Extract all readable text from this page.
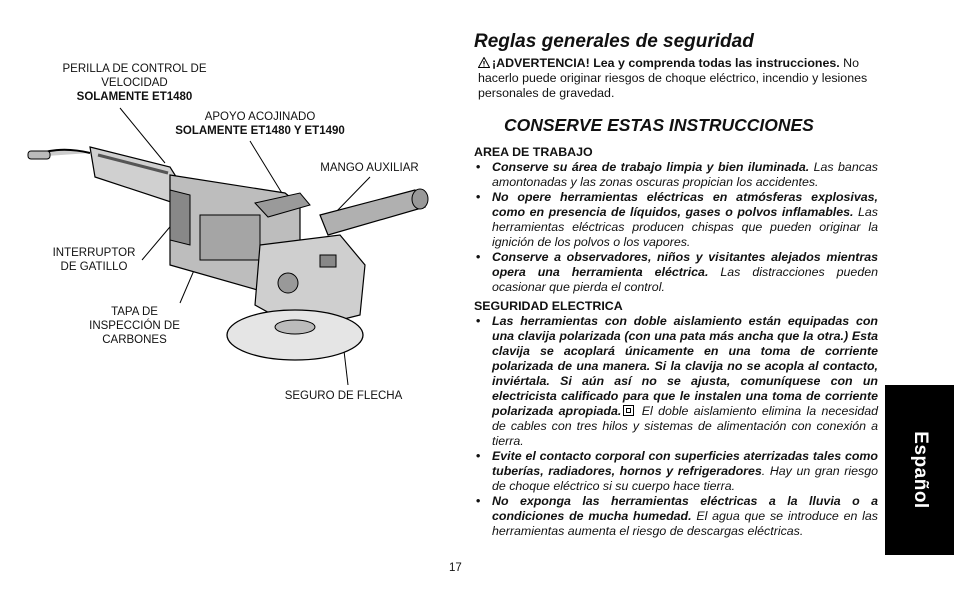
PERILLA DE CONTROL DE VELOCIDAD
SOLAMENTE ET1480
APOYO ACOJINADO
SOLAMENTE ET1480 Y ET1490
MANGO AUXILIAR
INTERRUPTOR DE GATILLO
TAPA DE INSPECCIÓN DE CARBONES
SEGURO DE FLECHA

Reglas generales de seguridad

¡ADVERTENCIA! Lea y comprenda todas las instrucciones. No hacerlo puede originar riesgos de choque eléctrico, incendio y lesiones personales de gravedad.

CONSERVE ESTAS INSTRUCCIONES

AREA DE TRABAJO

• Conserve su área de trabajo limpia y bien iluminada. Las bancas amontonadas y las zonas oscuras propician los accidentes.
• No opere herramientas eléctricas en atmósferas explosivas, como en presencia de líquidos, gases o polvos inflamables. Las herramientas eléctricas producen chispas que pueden originar la ignición de los polvos o los vapores.
• Conserve a observadores, niños y visitantes alejados mientras opera una herramienta eléctrica. Las distracciones pueden ocasionar que pierda el control.

SEGURIDAD ELECTRICA

• Las herramientas con doble aislamiento están equipadas con una clavija polarizada (con una pata más ancha que la otra.) Esta clavija se acoplará únicamente en una toma de corriente polarizada de una manera. Si la clavija no se acopla al contacto, inviértala. Si aún así no se ajusta, comuníquese con un electricista calificado para que le instalen una toma de corriente polarizada apropiada. El doble aislamiento elimina la necesidad de cables con tres hilos y sistemas de alimentación con conexión a tierra.
• Evite el contacto corporal con superficies aterrizadas tales como tuberías, radiadores, hornos y refrigeradores. Hay un gran riesgo de choque eléctrico si su cuerpo hace tierra.
• No exponga las herramientas eléctricas a la lluvia o a condiciones de mucha humedad. El agua que se introduce en las herramientas aumenta el riesgo de descargas eléctricas.
Español
17
